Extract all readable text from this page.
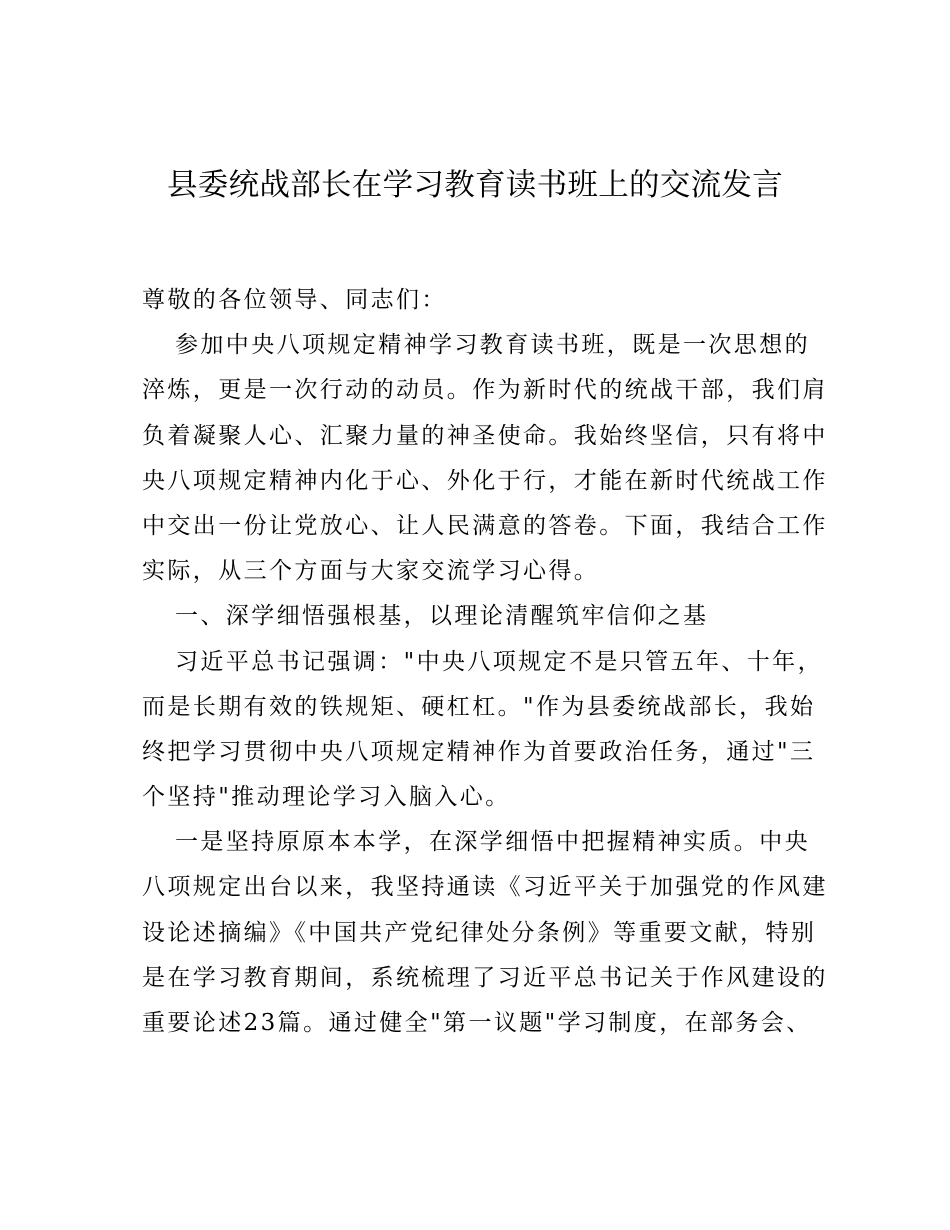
县委统战部长在学习教育读书班上的交流发言
尊敬的各位领导、同志们：
参加中央八项规定精神学习教育读书班，既是一次思想的
淬炼，更是一次行动的动员。作为新时代的统战干部，我们肩
负着凝聚人心、汇聚力量的神圣使命。我始终坚信，只有将中
央八项规定精神内化于心、外化于行，才能在新时代统战工作
中交出一份让党放心、让人民满意的答卷。下面，我结合工作
实际，从三个方面与大家交流学习心得。
一、深学细悟强根基，以理论清醒筑牢信仰之基
习近平总书记强调："中央八项规定不是只管五年、十年，
而是长期有效的铁规矩、硬杠杠。"作为县委统战部长，我始
终把学习贯彻中央八项规定精神作为首要政治任务，通过"三
个坚持"推动理论学习入脑入心。
一是坚持原原本本学，在深学细悟中把握精神实质。中央
八项规定出台以来，我坚持通读《习近平关于加强党的作风建
设论述摘编》《中国共产党纪律处分条例》等重要文献，特别
是在学习教育期间，系统梳理了习近平总书记关于作风建设的
重要论述23篇。通过健全"第一议题"学习制度，在部务会、
